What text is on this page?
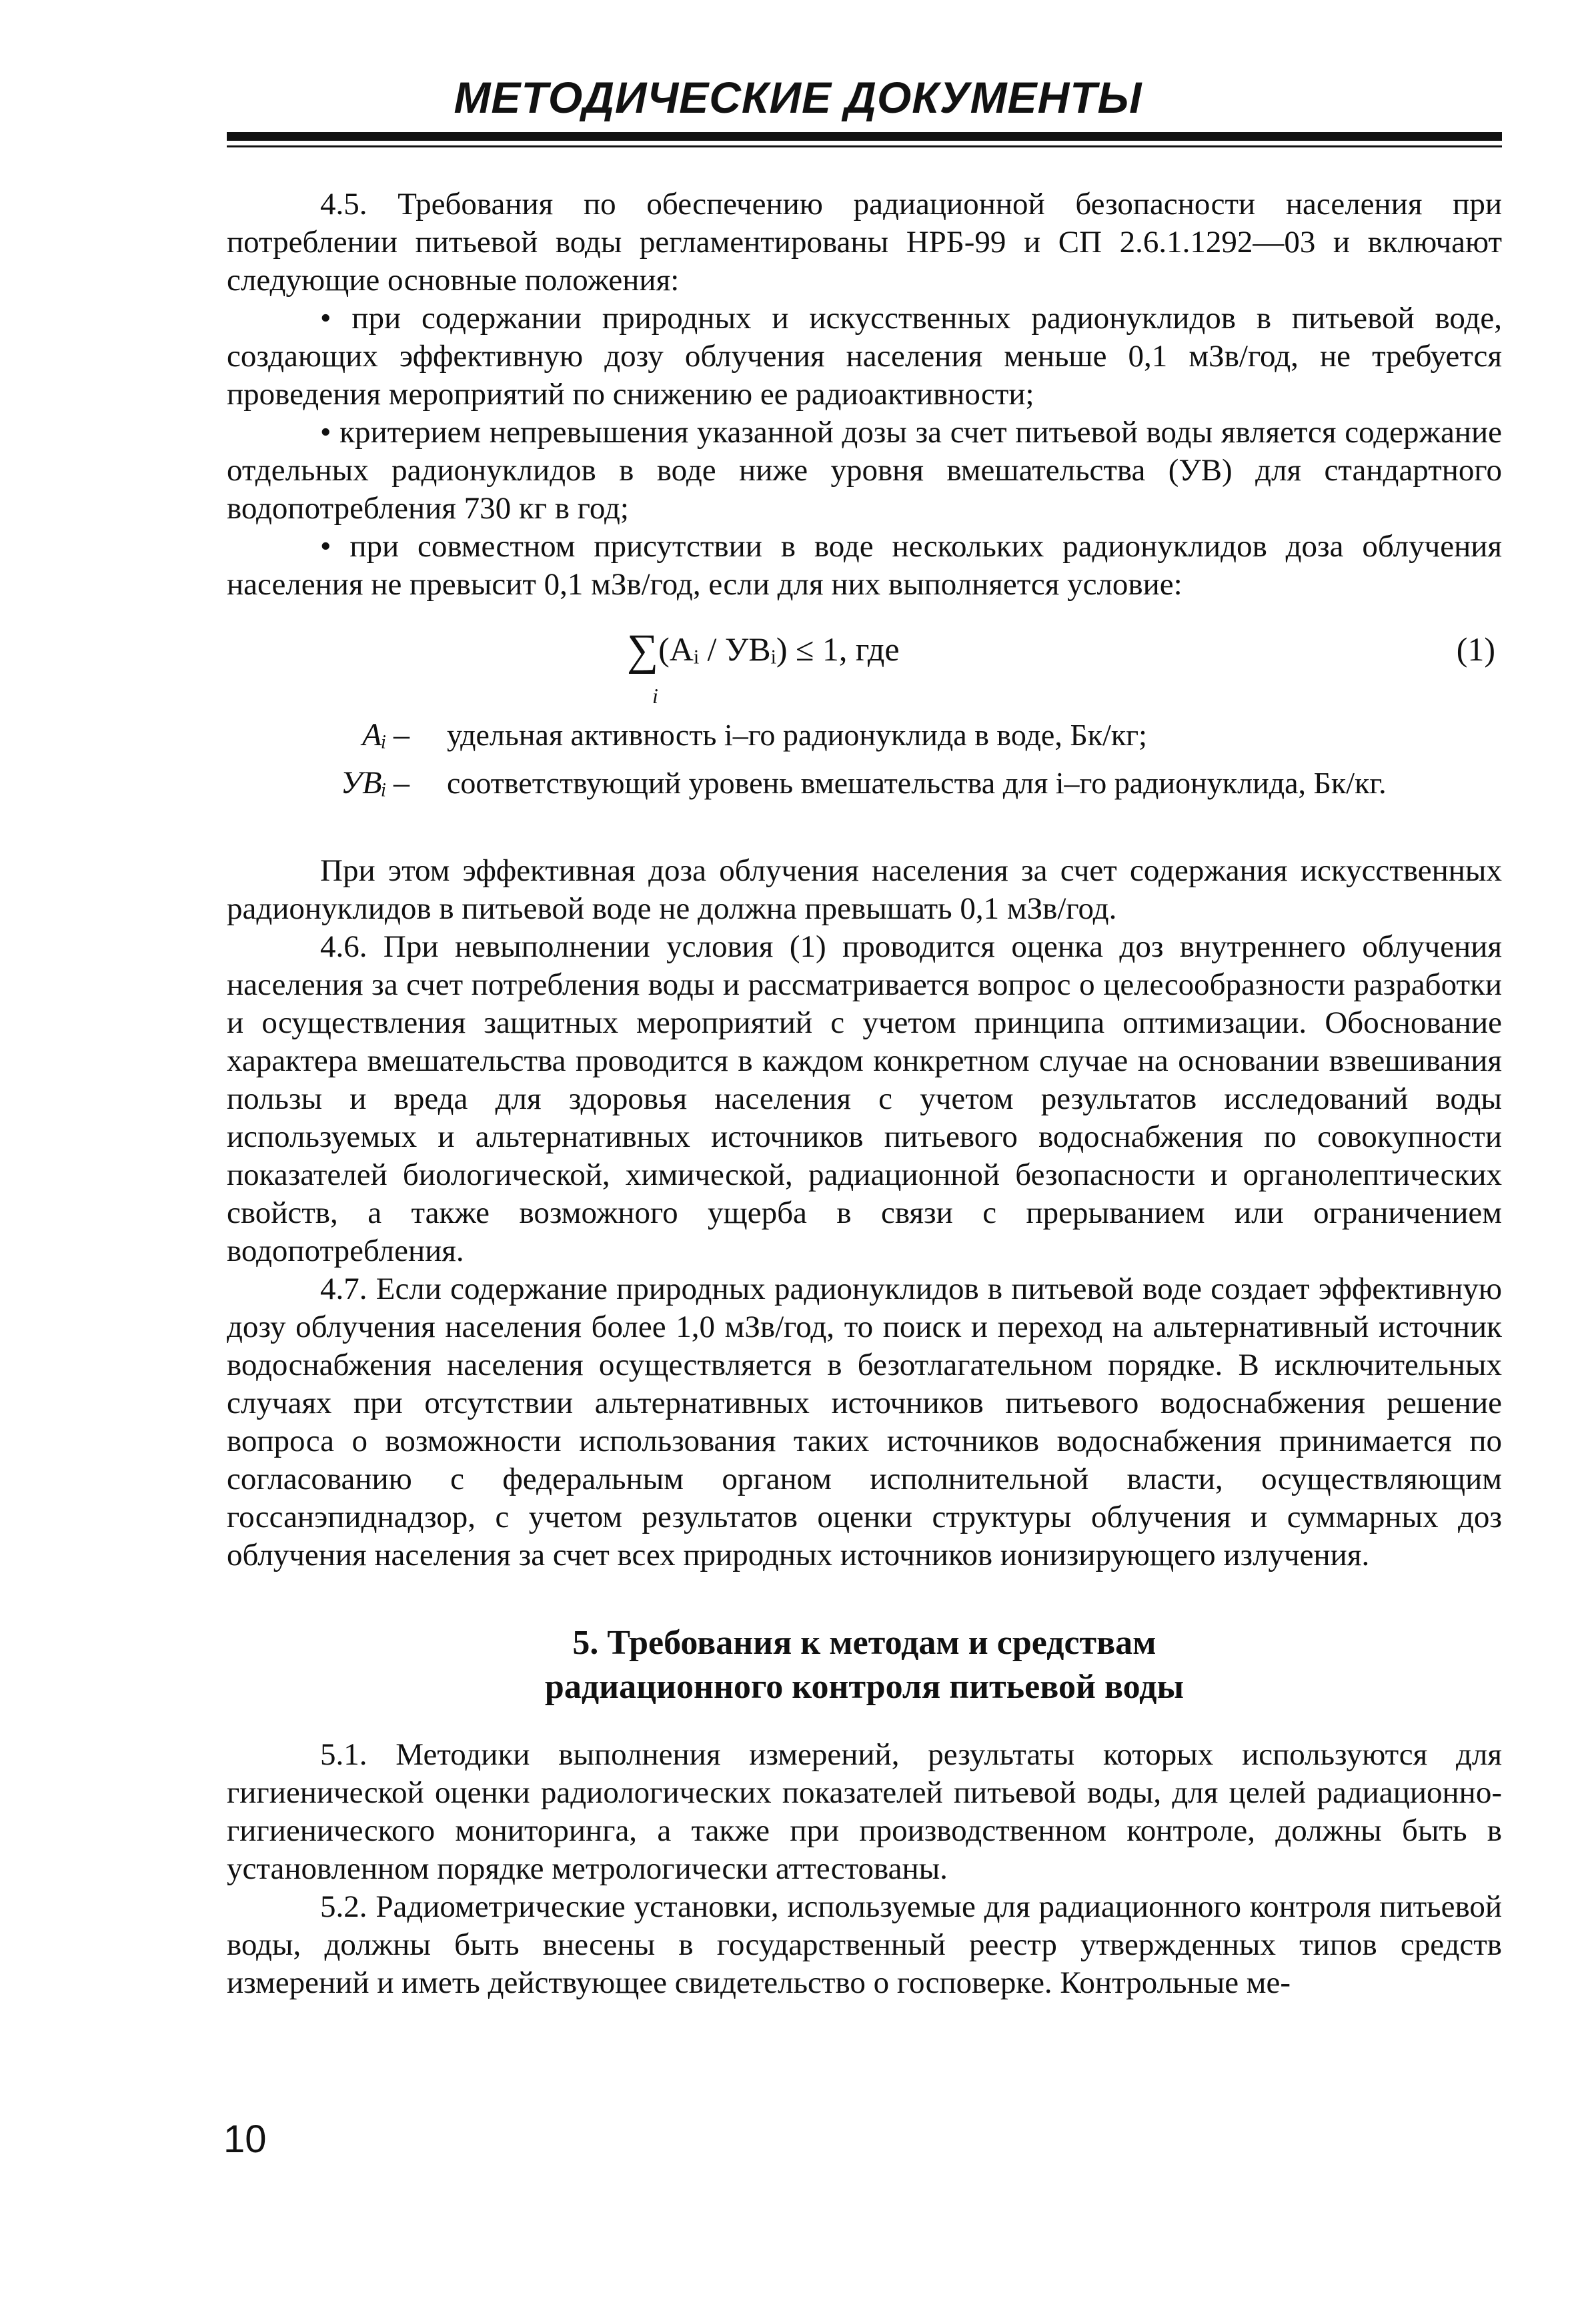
МЕТОДИЧЕСКИЕ ДОКУМЕНТЫ

4.5. Требования по обеспечению радиационной безопасности населения при потреблении питьевой воды регламентированы НРБ-99 и СП 2.6.1.1292—03 и включают следующие основные положения:

• при содержании природных и искусственных радионуклидов в питьевой воде, создающих эффективную дозу облучения населения меньше 0,1 мЗв/год, не требуется проведения мероприятий по снижению ее радиоактивности;

• критерием непревышения указанной дозы за счет питьевой воды является содержание отдельных радионуклидов в воде ниже уровня вмешательства (УВ) для стандартного водопотребления 730 кг в год;

• при совместном присутствии в воде нескольких радионуклидов доза облучения населения не превысит 0,1 мЗв/год, если для них выполняется условие:

∑(Aᵢ / УВᵢ) ≤ 1, где
i
(1)
Aᵢ – удельная активность i–го радионуклида в воде, Бк/кг;
УВᵢ – соответствующий уровень вмешательства для i–го радионуклида, Бк/кг.

При этом эффективная доза облучения населения за счет содержания искусственных радионуклидов в питьевой воде не должна превышать 0,1 мЗв/год.

4.6. При невыполнении условия (1) проводится оценка доз внутреннего облучения населения за счет потребления воды и рассматривается вопрос о целесообразности разработки и осуществления защитных мероприятий с учетом принципа оптимизации. Обоснование характера вмешательства проводится в каждом конкретном случае на основании взвешивания пользы и вреда для здоровья населения с учетом результатов исследований воды используемых и альтернативных источников питьевого водоснабжения по совокупности показателей биологической, химической, радиационной безопасности и органолептических свойств, а также возможного ущерба в связи с прерыванием или ограничением водопотребления.

4.7. Если содержание природных радионуклидов в питьевой воде создает эффективную дозу облучения населения более 1,0 мЗв/год, то поиск и переход на альтернативный источник водоснабжения населения осуществляется в безотлагательном порядке. В исключительных случаях при отсутствии альтернативных источников питьевого водоснабжения решение вопроса о возможности использования таких источников водоснабжения принимается по согласованию с федеральным органом исполнительной власти, осуществляющим госсанэпиднадзор, с учетом результатов оценки структуры облучения и суммарных доз облучения населения за счет всех природных источников ионизирующего излучения.

5. Требования к методам и средствам
радиационного контроля питьевой воды

5.1. Методики выполнения измерений, результаты которых используются для гигиенической оценки радиологических показателей питьевой воды, для целей радиационно-гигиенического мониторинга, а также при производственном контроле, должны быть в установленном порядке метрологически аттестованы.

5.2. Радиометрические установки, используемые для радиационного контроля питьевой воды, должны быть внесены в государственный реестр утвержденных типов средств измерений и иметь действующее свидетельство о госповерке. Контрольные ме-

10
